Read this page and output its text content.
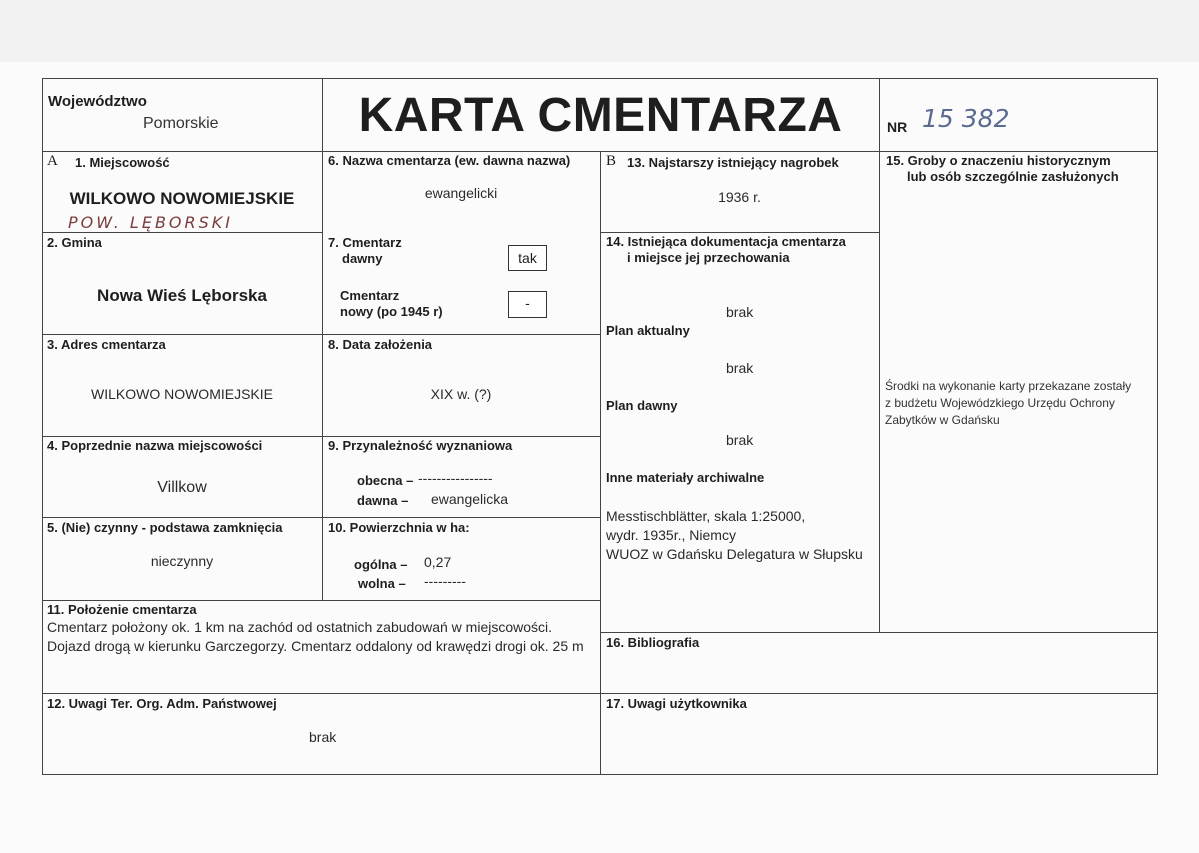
Województwo
Pomorskie	KARTA CMENTARZA	NR 15 382
A 1. Miejscowość
WILKOWO NOWOMIEJSKIE
POW. LĘBORSKI
2. Gmina
Nowa Wieś Lęborska
3. Adres cmentarza
WILKOWO NOWOMIEJSKIE
4. Poprzednie nazwa miejscowości
Villkow
5. (Nie) czynny - podstawa zamknięcia
nieczynny
6. Nazwa cmentarza (ew. dawna nazwa)
ewangelicki
7. Cmentarz
dawny	tak
Cmentarz
nowy (po 1945 r)
-
8. Data założenia
XIX w. (?)
9. Przynależność wyznaniowa
obecna – ----------------
dawna – ewangelicka
10. Powierzchnia w ha:
ogólna – 0,27
wolna – ---------
11. Położenie cmentarza
Cmentarz położony ok. 1 km na zachód od ostatnich zabudowań w miejscowości.
Dojazd drogą w kierunku Garczegorzy. Cmentarz oddalony od krawędzi drogi ok. 25 m
12. Uwagi Ter. Org. Adm. Państwowej
brak
B 13. Najstarszy istniejący nagrobek
1936 r.
14. Istniejąca dokumentacja cmentarza
i miejsce jej przechowania
brak
Plan aktualny
brak
Plan dawny
brak
Inne materiały archiwalne
Messtischblätter, skala 1:25000,
wydr. 1935r., Niemcy
WUOZ w Gdańsku Delegatura w Słupsku
15. Groby o znaczeniu historycznym
lub osób szczególnie zasłużonych
Środki na wykonanie karty przekazane zostały
z budżetu Wojewódzkiego Urzędu Ochrony
Zabytków w Gdańsku
16. Bibliografia
17. Uwagi użytkownika
